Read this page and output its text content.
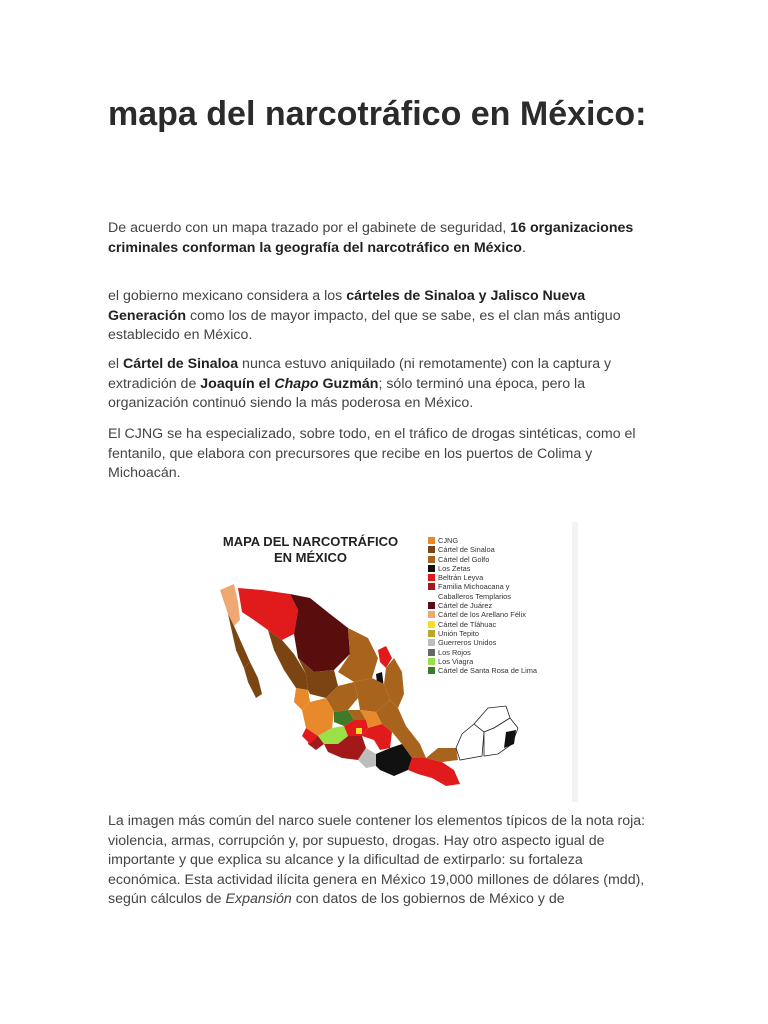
mapa del narcotráfico en México:

De acuerdo con un mapa trazado por el gabinete de seguridad, 16 organizaciones criminales conforman la geografía del narcotráfico en México.

el gobierno mexicano considera a los cárteles de Sinaloa y Jalisco Nueva Generación como los de mayor impacto, del que se sabe, es el clan más antiguo establecido en México.

el Cártel de Sinaloa nunca estuvo aniquilado (ni remotamente) con la captura y extradición de Joaquín el Chapo Guzmán; sólo terminó una época, pero la organización continuó siendo la más poderosa en México.

El CJNG se ha especializado, sobre todo, en el tráfico de drogas sintéticas, como el fentanilo, que elabora con precursores que recibe en los puertos de Colima y Michoacán.

La imagen más común del narco suele contener los elementos típicos de la nota roja: violencia, armas, corrupción y, por supuesto, drogas. Hay otro aspecto igual de importante y que explica su alcance y la dificultad de extirparlo: su fortaleza económica. Esta actividad ilícita genera en México 19,000 millones de dólares (mdd), según cálculos de Expansión con datos de los gobiernos de México y de

MAPA DEL NARCOTRÁFICO
EN MÉXICO
CJNG
Cártel de Sinaloa
Cártel del Golfo
Los Zetas
Beltrán Leyva
Familia Michoacana y
Caballeros Templarios
Cártel de Juárez
Cártel de los Arellano Félix
Cártel de Tláhuac
Unión Tepito
Guerreros Unidos
Los Rojos
Los Viagra
Cártel de Santa Rosa de Lima
